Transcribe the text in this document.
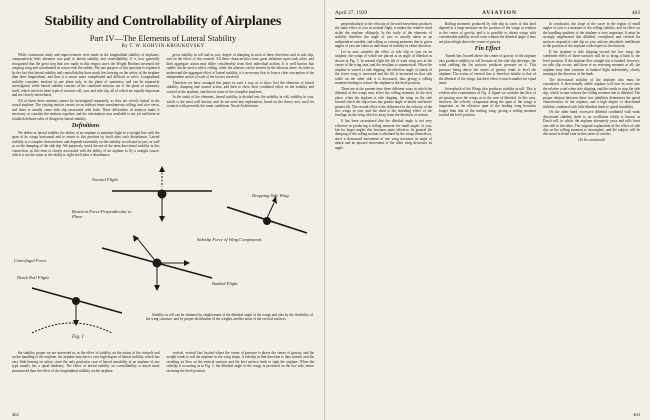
Stability and Controllability of Airplanes
Part IV—The Elements of Lateral Stability
By T. W. KOHVIN-KROUKOVSKY

While continuous study and improvements were made in the longitudinal stability of airplanes, comparatively little attention was paid to lateral stability and controllability. It is now generally recognized that the great step that was made in this respect since the Wright Brothers invented the warping wing and coordinated its action with the rudder. The one purpose of this question is explained by the fact that lateral stability and controllability have much less bearing on the safety of the airplane than does longitudinal, and thus it is much more complicated and difficult to solve. Longitudinal stability considers motions in one plane only, in the plane of symmetry, and can be separately investigated, while lateral stability consists of the combined motions out of the plane of symmetry itself, which involves three types of motion: roll, yaw, and side slip, all of which are equally important and are closely interrelated.

All of these three motions cannot be investigated separately, as they are closely linked in the actual airplane. The yawing motion cannot occur without some simultaneous rolling, and vice versa, and there is usually some side slip associated with both. These difficulties of analysis make it necessary to consider the motions together, and the information now available is not yet sufficient to establish definite rules of design for lateral stability.

Definitions

We define as lateral stability the ability of an airplane to maintain flight in a straight line with the span of its wings horizontal and to return to this position by itself after such disturbance. Lateral stability is a complex characteristic and depends essentially on the stability in roll and in yaw, as well as on the damping of the side slip. We purposely avoid the use of the term directional stability in this connection, as this term is closely associated with the ability of an airplane to fly a straight course, which is not the same as the ability to right itself after a disturbance.

gross stability in roll and in yaw, degree of damping in each of these directions and in side slip, and on the effect of the controls. All these characteristics have great influence upon each other, and their aggregate action may differ considerably from their individual actions. It is well known that rudder can be used to affect rolling, while the ailerons can be steered by the ailerons alone. In order to understand the aggregate effect of lateral stability, it is necessary first to form a clear conception of the independent action of each of the factors involved.

Therefore we have arranged this paper in such a way as to show first the elements of lateral stability, damping and control action, and then to show their combined effect on the stability and control of the airplane, and then in some of the complete airplanes.

In the study of the elements, lateral stability is divided into the stability in roll, stability in yaw, which is the most well known, and do not need any explanation, based on the theory now used for contacts with presently the same conditions. Naval Architecture.

Normal Flight
Reaction Force Perpendicular to Plane
Dropping Side Wing
Sideslip Force of Wing Components
Centrifugal Force
Dutch Roll Flight
Banked Flight
Fig. 1

Stability in roll can be obtained by employment of the dihedral angle of the wings and also by the flexibility of the wing structure, and by proper distribution of the weights and the areas of the vertical surfaces.

the stability proper we are interested in, as the effect of stability on the action of the controls and on the handling of the airplane. An airplane may have a very high degree of lateral stability, which has very little bearing on safety, since the only particular case of lateral instability of an airplane of any type usually has a spiral tendency. The effect of lateral stability on controllability is much more pronounced than the effect of the longitudinal stability on the airplane.

vertical, vertical fins located where the center of pressure is above the center of gravity, and the weight tends to roll the airplane as the wing drops. A sideslip in that direction is thus started, and the resulting air flow on the vertical surfaces and the keel surface tends to right the airplane. When the sideslip is occurring as in Fig. 1, the dihedral angle of the wings is increased on the low side, hence restoring the level position.

462
April 27, 1929	AVIATION	463

perpendicularly to the velocity of forward movement produces the same effect as yaw in normal flight, it makes the relative wind strike the airplane obliquely. In the study of the elements of stability therefore the angle of yaw is usually taken as an independent variable, and rolling or yawing moments due to given angles of yaw are taken as indication of stability in either direction.

Let us now consider the effect of side slip or yaw on an airplane, the wings of which are placed at an angle of dihedral as shown in Fig. 3. In normal flight the lift of each wing acts at the center of the wing area, and the resultant is symmetrical. When the airplane is yawed or side slipping, the effective angle of attack of the lower wing is increased and the lift is increased on that side while on the other side it is decreased, thus giving a rolling moment tending to restore the airplane to the level position.

There are at the present time three different ways in which the dihedral of the wings may affect the rolling moment. In the first place, when the airplane is side slipping, the wing on the side toward which the slip occurs has greater angle of attack and hence greater lift. The second effect is the difference in the velocity of the two wings in yaw, and the third is the shielding effect of the fuselage on the wing which is away from the direction of motion.

It has been ascertained that the dihedral angle is not very effective in producing a rolling moment for small angles of yaw, but for larger angles this becomes quite effective. In general the damping of the rolling motion is obtained by the wings themselves, since a downward movement of one wing increases its angle of attack and an upward movement of the other wing decreases its angle.

Rolling moments produced by side slip in cases of this kind depend in a large measure on the position of the wings in relation to the center of gravity, and it is possible to obtain wings with considerable stability in roll even without the dihedral angle if they are placed high above the center of gravity.

Fin Effect

Turned fins located above the center of gravity of the airplane also produce stability in roll because as the side slip develops, the wind striking the fin surfaces produces pressure on it. This pressure being above the center of gravity tends to level the airplane. The action of vertical fins is therefore similar to that of the dihedral of the wings, but their effect is much smaller for equal areas.

Sweepback of the Wings also produces stability in roll. This is evident after examination of Fig. 4. Again we consider the flow of air passing over the wings as in the case of dihedral. In this case, however, the velocity component along the span of the wings is important, as the effective span of the leading wing becomes longer than that of the trailing wing, giving a rolling moment toward the level position.

In conclusion, the slope of the curve in the region of small angles of yaw is a measure of the rolling stability, and its effect on the handling qualities of the airplane is very important. It must be strongly emphasized that dihedral, sweepback and vertical fin surfaces respond to side slip or yaw, and are absolutely indifferent to the position of the airplane with respect to the horizon.

If the airplane is side slipping toward the low wing, the combined effect of these surfaces will be to bring it back to the level position. If the airplane flies straight but is banked, however, no side slip occurs, and there is no restoring moment at all; the airplane may then continue in banked flight indefinitely, slowly turning in the direction of the bank.

The directional stability of the airplane also must be considered. A directionally stable airplane will turn its nose into the relative wind when side slipping, and this tends to stop the side slip, which in turn reduces the rolling moment due to dihedral. The proper relation between these two stabilities determines the spiral characteristics of the airplane, and a high degree of directional stability combined with little dihedral leads to spiral instability.

On the other hand, excessive dihedral combined with weak directional stability leads to an oscillation which is known as Dutch roll, in which the airplane alternately yaws and rolls from one side to the other. The original explanation of the effect of side slip on the rolling moment is incomplete, and the subject will be discussed in detail later in this series of articles.

(To be continued)
463
